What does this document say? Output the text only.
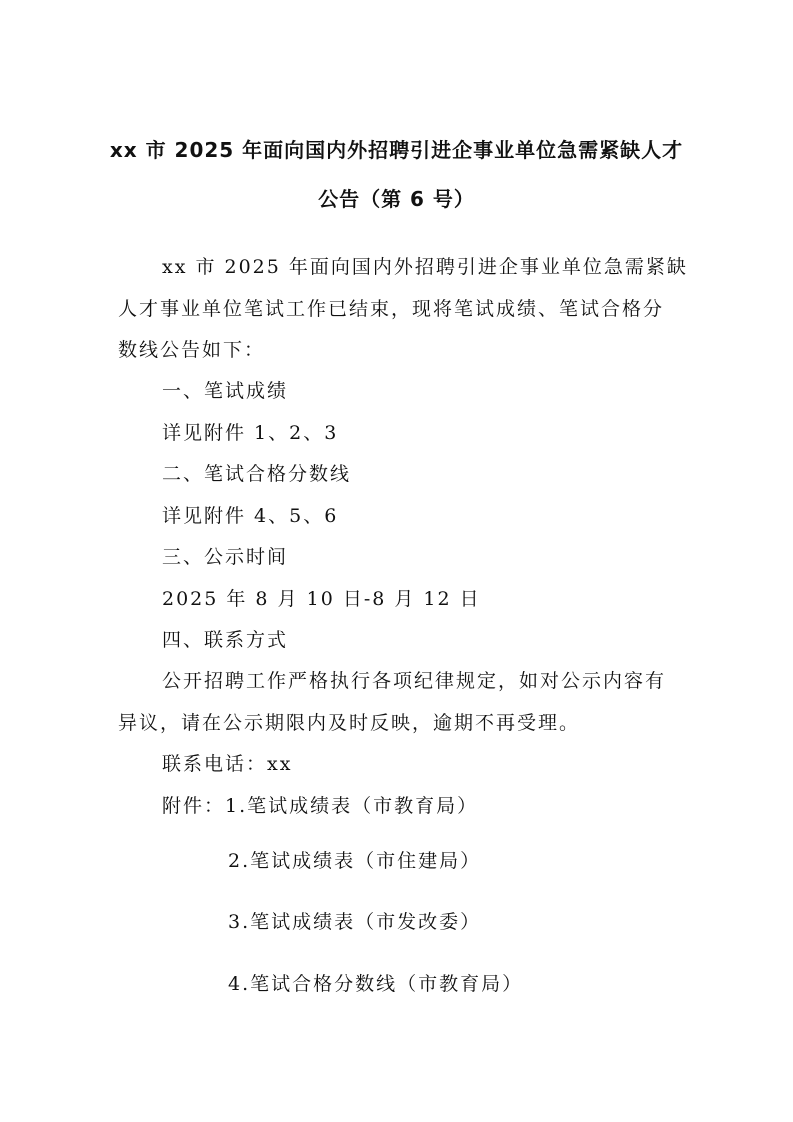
xx 市 2025 年面向国内外招聘引进企事业单位急需紧缺人才
公告（第 6 号）
xx 市 2025 年面向国内外招聘引进企事业单位急需紧缺
人才事业单位笔试工作已结束，现将笔试成绩、笔试合格分
数线公告如下：
一、笔试成绩
详见附件 1、2、3
二、笔试合格分数线
详见附件 4、5、6
三、公示时间
2025 年 8 月 10 日-8 月 12 日
四、联系方式
公开招聘工作严格执行各项纪律规定，如对公示内容有
异议，请在公示期限内及时反映，逾期不再受理。
联系电话：xx
附件：1.笔试成绩表（市教育局）
2.笔试成绩表（市住建局）
3.笔试成绩表（市发改委）
4.笔试合格分数线（市教育局）
